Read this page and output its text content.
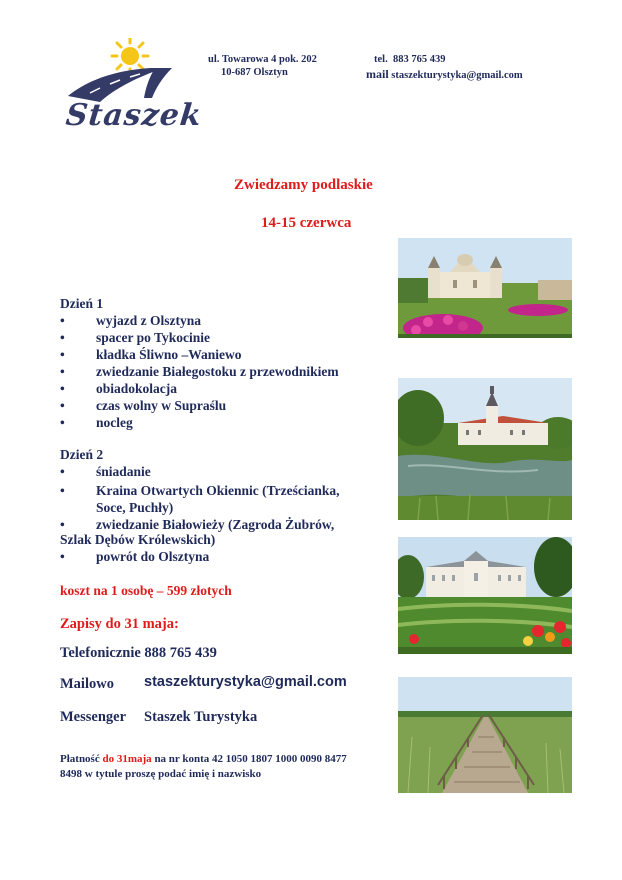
Staszek
ul. Towarowa 4 pok. 202
10-687 Olsztyn
tel. 883 765 439
mail staszekturystyka@gmail.com
Zwiedzamy podlaskie
14-15 czerwca
Dzień 1
• wyjazd z Olsztyna
• spacer po Tykocinie
• kładka Śliwno –Waniewo
• zwiedzanie Białegostoku z przewodnikiem
• obiadokolacja
• czas wolny w Supraślu
• nocleg
Dzień 2
• śniadanie
• Kraina Otwartych Okiennic (Trześcianka,
Soce, Puchły)
• zwiedzanie Białowieży (Zagroda Żubrów,
Szlak Dębów Królewskich)
• powrót do Olsztyna
koszt na 1 osobę – 599 złotych
Zapisy do 31 maja:
Telefonicznie 888 765 439
Mailowo staszekturystyka@gmail.com
Messenger Staszek Turystyka
Płatność do 31maja na nr konta 42 1050 1807 1000 0090 8477
8498 w tytule proszę podać imię i nazwisko
